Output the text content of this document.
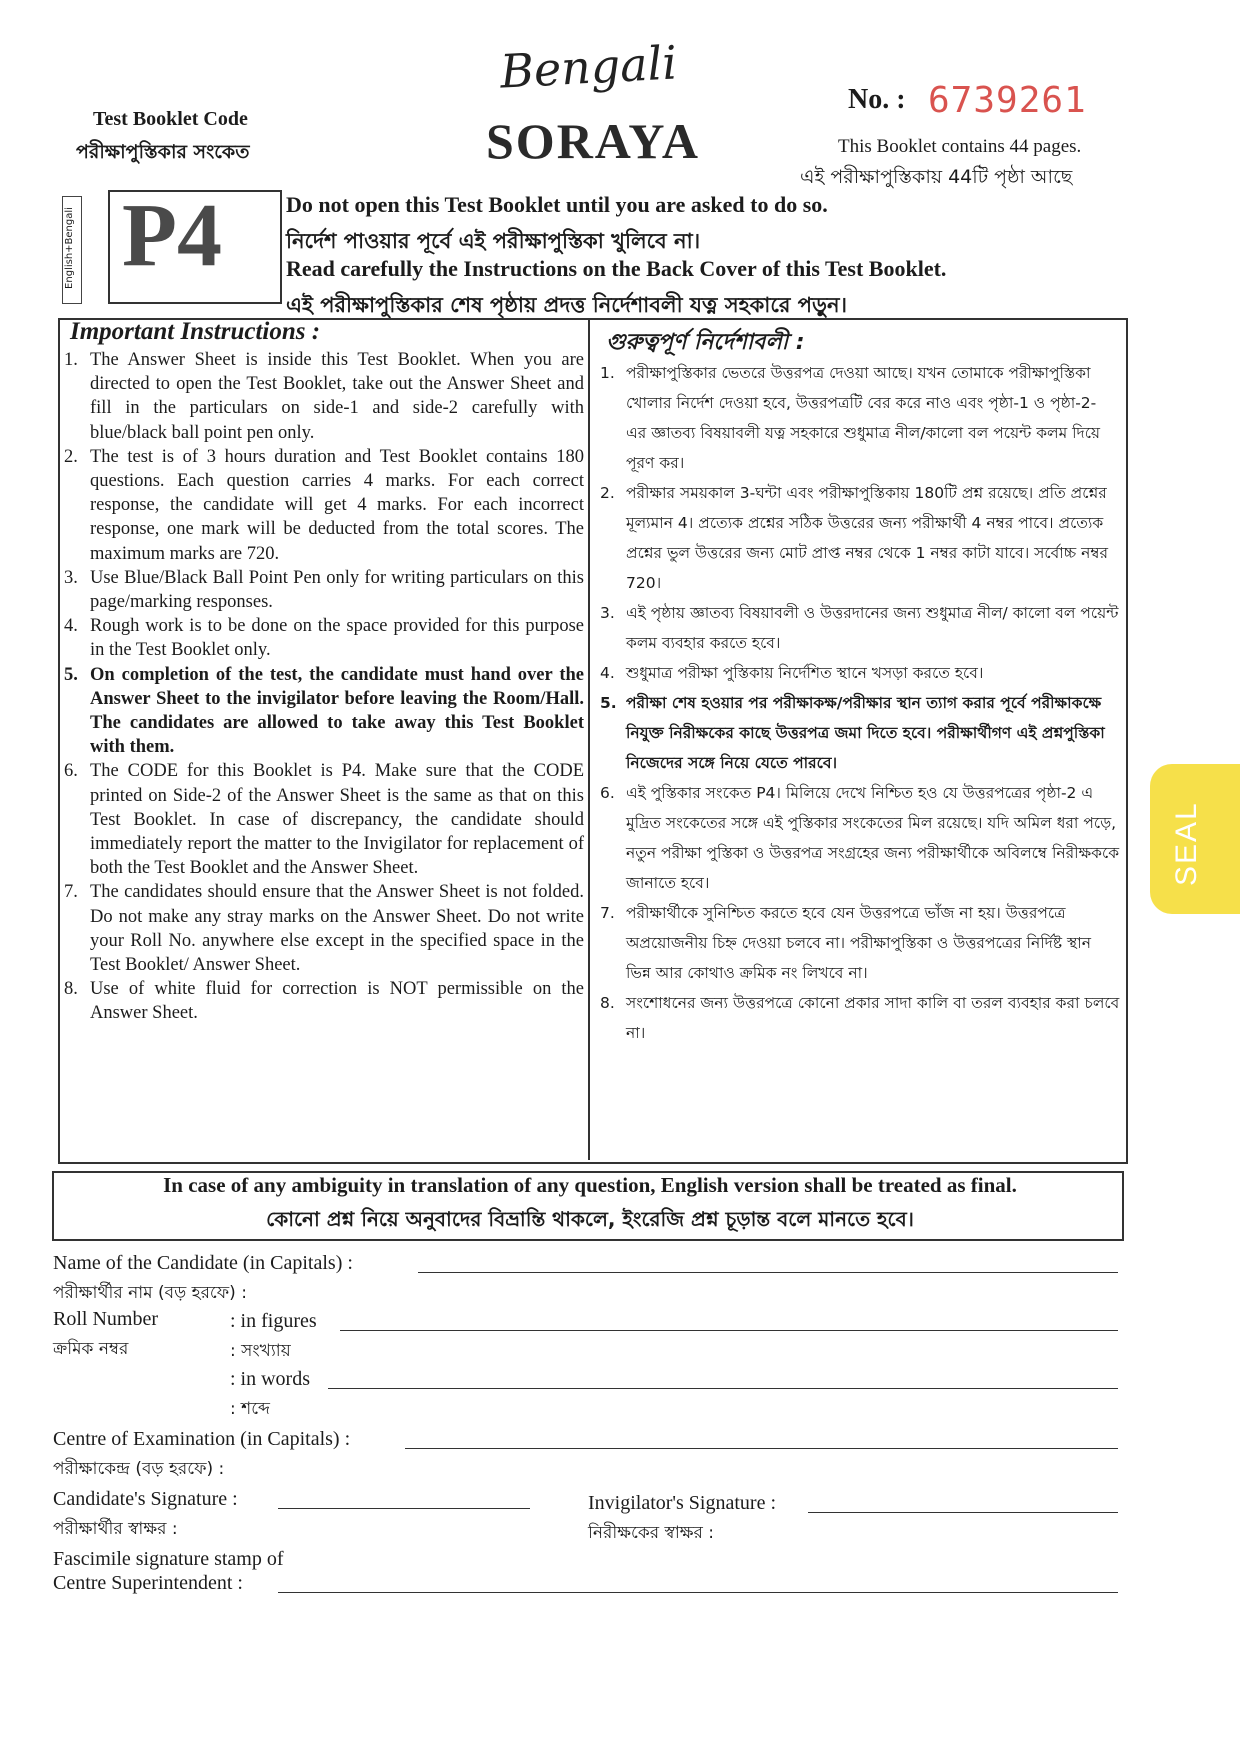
Bengali
SORAYA
Test Booklet Code
পরীক্ষাপুস্তিকার সংকেত
No. : 6739261
This Booklet contains 44 pages.
এই পরীক্ষাপুস্তিকায় 44টি পৃষ্ঠা আছে
English+Bengali P4	Do not open this Test Booklet until you are asked to do so.
নির্দেশ পাওয়ার পূর্বে এই পরীক্ষাপুস্তিকা খুলিবে না।
Read carefully the Instructions on the Back Cover of this Test Booklet.
এই পরীক্ষাপুস্তিকার শেষ পৃষ্ঠায় প্রদত্ত নির্দেশাবলী যত্ন সহকারে পড়ুন।
Important Instructions :	গুরুত্বপূর্ণ নির্দেশাবলী :
1. The Answer Sheet is inside this Test Booklet. When you are directed to open the Test Booklet, take out the Answer Sheet and fill in the particulars on side-1 and side-2 carefully with blue/black ball point pen only.
2. The test is of 3 hours duration and Test Booklet contains 180 questions. Each question carries 4 marks. For each correct response, the candidate will get 4 marks. For each incorrect response, one mark will be deducted from the total scores. The maximum marks are 720.
3. Use Blue/Black Ball Point Pen only for writing particulars on this page/marking responses.
4. Rough work is to be done on the space provided for this purpose in the Test Booklet only.
5. On completion of the test, the candidate must hand over the Answer Sheet to the invigilator before leaving the Room/Hall. The candidates are allowed to take away this Test Booklet with them.
6. The CODE for this Booklet is P4. Make sure that the CODE printed on Side-2 of the Answer Sheet is the same as that on this Test Booklet. In case of discrepancy, the candidate should immediately report the matter to the Invigilator for replacement of both the Test Booklet and the Answer Sheet.
7. The candidates should ensure that the Answer Sheet is not folded. Do not make any stray marks on the Answer Sheet. Do not write your Roll No. anywhere else except in the specified space in the Test Booklet/ Answer Sheet.
8. Use of white fluid for correction is NOT permissible on the Answer Sheet.
1. পরীক্ষাপুস্তিকার ভেতরে উত্তরপত্র দেওয়া আছে। যখন তোমাকে পরীক্ষাপুস্তিকা খোলার নির্দেশ দেওয়া হবে, উত্তরপত্রটি বের করে নাও এবং পৃষ্ঠা-1 ও পৃষ্ঠা-2- এর জ্ঞাতব্য বিষয়াবলী যত্ন সহকারে শুধুমাত্র নীল/কালো বল পয়েন্ট কলম দিয়ে পূরণ কর।
2. পরীক্ষার সময়কাল 3-ঘন্টা এবং পরীক্ষাপুস্তিকায় 180টি প্রশ্ন রয়েছে। প্রতি প্রশ্নের মূল্যমান 4। প্রত্যেক প্রশ্নের সঠিক উত্তরের জন্য পরীক্ষার্থী 4 নম্বর পাবে। প্রত্যেক প্রশ্নের ভুল উত্তরের জন্য মোট প্রাপ্ত নম্বর থেকে 1 নম্বর কাটা যাবে। সর্বোচ্চ নম্বর 720।
3. এই পৃষ্ঠায় জ্ঞাতব্য বিষয়াবলী ও উত্তরদানের জন্য শুধুমাত্র নীল/ কালো বল পয়েন্ট কলম ব্যবহার করতে হবে।
4. শুধুমাত্র পরীক্ষা পুস্তিকায় নির্দেশিত স্থানে খসড়া করতে হবে।
5. পরীক্ষা শেষ হওয়ার পর পরীক্ষাকক্ষ/পরীক্ষার স্থান ত্যাগ করার পূর্বে পরীক্ষাকক্ষে নিযুক্ত নিরীক্ষকের কাছে উত্তরপত্র জমা দিতে হবে। পরীক্ষার্থীগণ এই প্রশ্নপুস্তিকা নিজেদের সঙ্গে নিয়ে যেতে পারবে।
6. এই পুস্তিকার সংকেত P4। মিলিয়ে দেখে নিশ্চিত হও যে উত্তরপত্রের পৃষ্ঠা-2 এ মুদ্রিত সংকেতের সঙ্গে এই পুস্তিকার সংকেতের মিল রয়েছে। যদি অমিল ধরা পড়ে, নতুন পরীক্ষা পুস্তিকা ও উত্তরপত্র সংগ্রহের জন্য পরীক্ষার্থীকে অবিলম্বে নিরীক্ষককে জানাতে হবে।
7. পরীক্ষার্থীকে সুনিশ্চিত করতে হবে যেন উত্তরপত্রে ভাঁজ না হয়। উত্তরপত্রে অপ্রয়োজনীয় চিহ্ন দেওয়া চলবে না। পরীক্ষাপুস্তিকা ও উত্তরপত্রের নির্দিষ্ট স্থান ভিন্ন আর কোথাও ক্রমিক নং লিখবে না।
8. সংশোধনের জন্য উত্তরপত্রে কোনো প্রকার সাদা কালি বা তরল ব্যবহার করা চলবে না।
In case of any ambiguity in translation of any question, English version shall be treated as final.
কোনো প্রশ্ন নিয়ে অনুবাদের বিভ্রান্তি থাকলে, ইংরেজি প্রশ্ন চূড়ান্ত বলে মানতে হবে।
Name of the Candidate (in Capitals) :
পরীক্ষার্থীর নাম (বড় হরফে) :
Roll Number	: in figures
ক্রমিক নম্বর	: সংখ্যায়
: in words
: শব্দে
Centre of Examination (in Capitals) :
পরীক্ষাকেন্দ্র (বড় হরফে) :
Candidate's Signature :
পরীক্ষার্থীর স্বাক্ষর :
Invigilator's Signature :
নিরীক্ষকের স্বাক্ষর :
Fascimile signature stamp of
Centre Superintendent :
SEAL
